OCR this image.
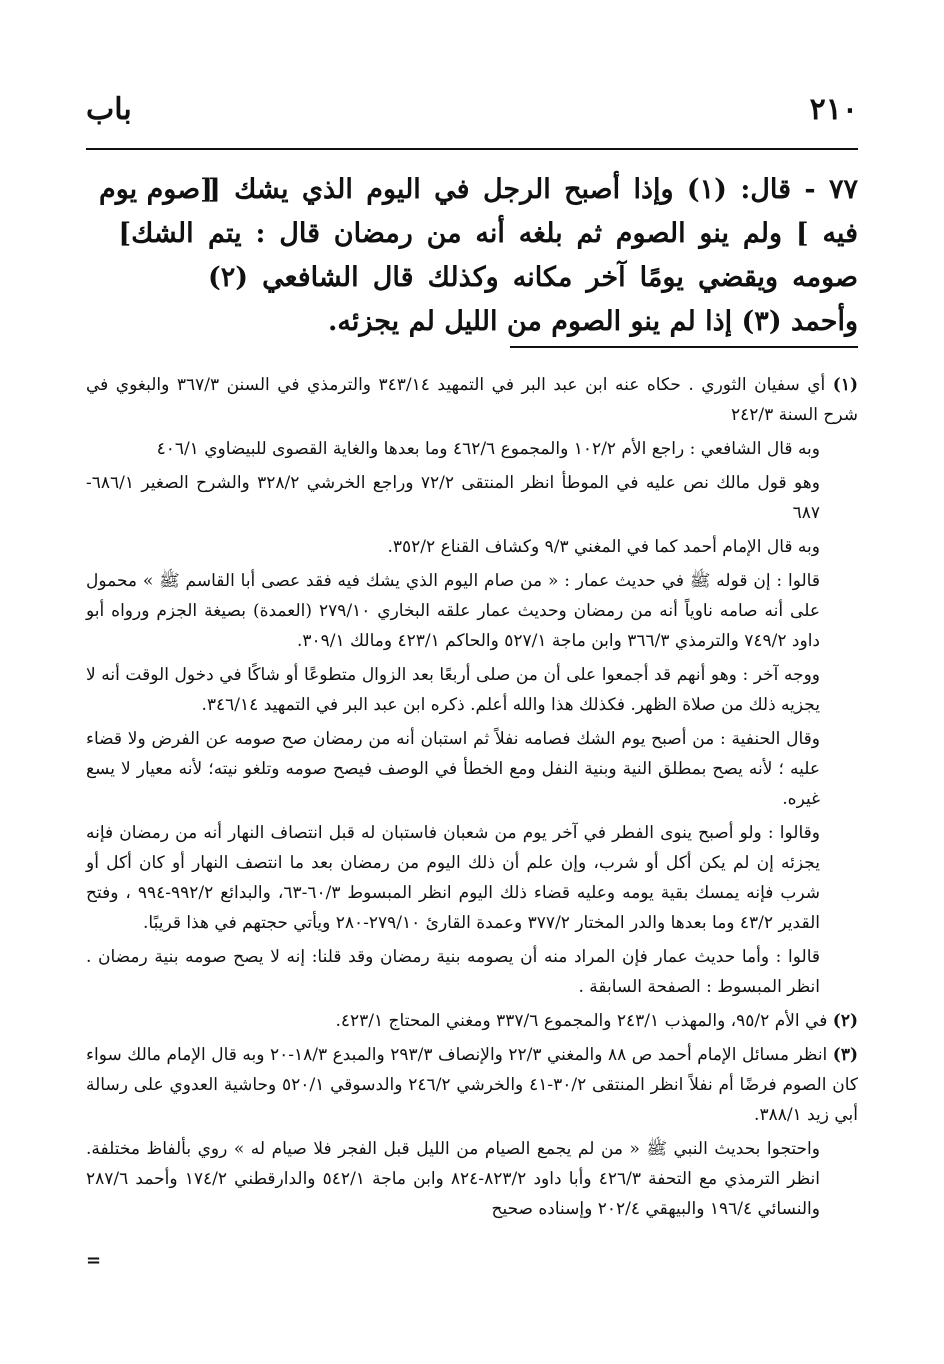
٢١٠
باب
[صوم يوم
الشك]

٧٧ - قال: (١) وإذا أصبح الرجل في اليوم الذي يشك [ فيه ] ولم ينو الصوم ثم بلغه أنه من رمضان قال : يتم صومه ويقضي يومًا آخر مكانه وكذلك قال الشافعي (٢) وأحمد (٣) إذا لم ينو الصوم من الليل لم يجزئه.

(١) أي سفيان الثوري . حكاه عنه ابن عبد البر في التمهيد ٣٤٣/١٤ والترمذي في السنن ٣٦٧/٣ والبغوي في شرح السنة ٢٤٢/٣

وبه قال الشافعي : راجع الأم ١٠٢/٢ والمجموع ٤٦٢/٦ وما بعدها والغاية القصوى للبيضاوي ٤٠٦/١

وهو قول مالك نص عليه في الموطأ انظر المنتقى ٧٢/٢ وراجع الخرشي ٣٢٨/٢ والشرح الصغير ٦٨٦/١- ٦٨٧

وبه قال الإمام أحمد كما في المغني ٩/٣ وكشاف القناع ٣٥٢/٢.

قالوا : إن قوله ﷺ في حديث عمار : « من صام اليوم الذي يشك فيه فقد عصى أبا القاسم ﷺ » محمول على أنه صامه ناوياً أنه من رمضان وحديث عمار علقه البخاري ٢٧٩/١٠ (العمدة) بصيغة الجزم ورواه أبو داود ٧٤٩/٢ والترمذي ٣٦٦/٣ وابن ماجة ٥٢٧/١ والحاكم ٤٢٣/١ ومالك ٣٠٩/١.

ووجه آخر : وهو أنهم قد أجمعوا على أن من صلى أربعًا بعد الزوال متطوعًا أو شاكًا في دخول الوقت أنه لا يجزيه ذلك من صلاة الظهر. فكذلك هذا والله أعلم. ذكره ابن عبد البر في التمهيد ٣٤٦/١٤.

وقال الحنفية : من أصبح يوم الشك فصامه نفلاً ثم استبان أنه من رمضان صح صومه عن الفرض ولا قضاء عليه ؛ لأنه يصح بمطلق النية وبنية النفل ومع الخطأ في الوصف فيصح صومه وتلغو نيته؛ لأنه معيار لا يسع غيره.

وقالوا : ولو أصبح ينوى الفطر في آخر يوم من شعبان فاستبان له قبل انتصاف النهار أنه من رمضان فإنه يجزئه إن لم يكن أكل أو شرب، وإن علم أن ذلك اليوم من رمضان بعد ما انتصف النهار أو كان أكل أو شرب فإنه يمسك بقية يومه وعليه قضاء ذلك اليوم انظر المبسوط ٦٠/٣-٦٣، والبدائع ٩٩٢/٢-٩٩٤ ، وفتح القدير ٤٣/٢ وما بعدها والدر المختار ٣٧٧/٢ وعمدة القارئ ٢٧٩/١٠-٢٨٠ ويأتي حجتهم في هذا قريبًا.

قالوا : وأما حديث عمار فإن المراد منه أن يصومه بنية رمضان وقد قلنا: إنه لا يصح صومه بنية رمضان . انظر المبسوط : الصفحة السابقة .

(٢) في الأم ٩٥/٢، والمهذب ٢٤٣/١ والمجموع ٣٣٧/٦ ومغني المحتاج ٤٢٣/١.

(٣) انظر مسائل الإمام أحمد ص ٨٨ والمغني ٢٢/٣ والإنصاف ٢٩٣/٣ والمبدع ١٨/٣-٢٠ وبه قال الإمام مالك سواء كان الصوم فرضًا أم نفلاً انظر المنتقى ٣٠/٢-٤١ والخرشي ٢٤٦/٢ والدسوقي ٥٢٠/١ وحاشية العدوي على رسالة أبي زيد ٣٨٨/١.

واحتجوا بحديث النبي ﷺ « من لم يجمع الصيام من الليل قبل الفجر فلا صيام له » روي بألفاظ مختلفة. انظر الترمذي مع التحفة ٤٢٦/٣ وأبا داود ٨٢٣/٢-٨٢٤ وابن ماجة ٥٤٢/١ والدارقطني ١٧٤/٢ وأحمد ٢٨٧/٦ والنسائي ١٩٦/٤ والبيهقي ٢٠٢/٤ وإسناده صحيح

=
